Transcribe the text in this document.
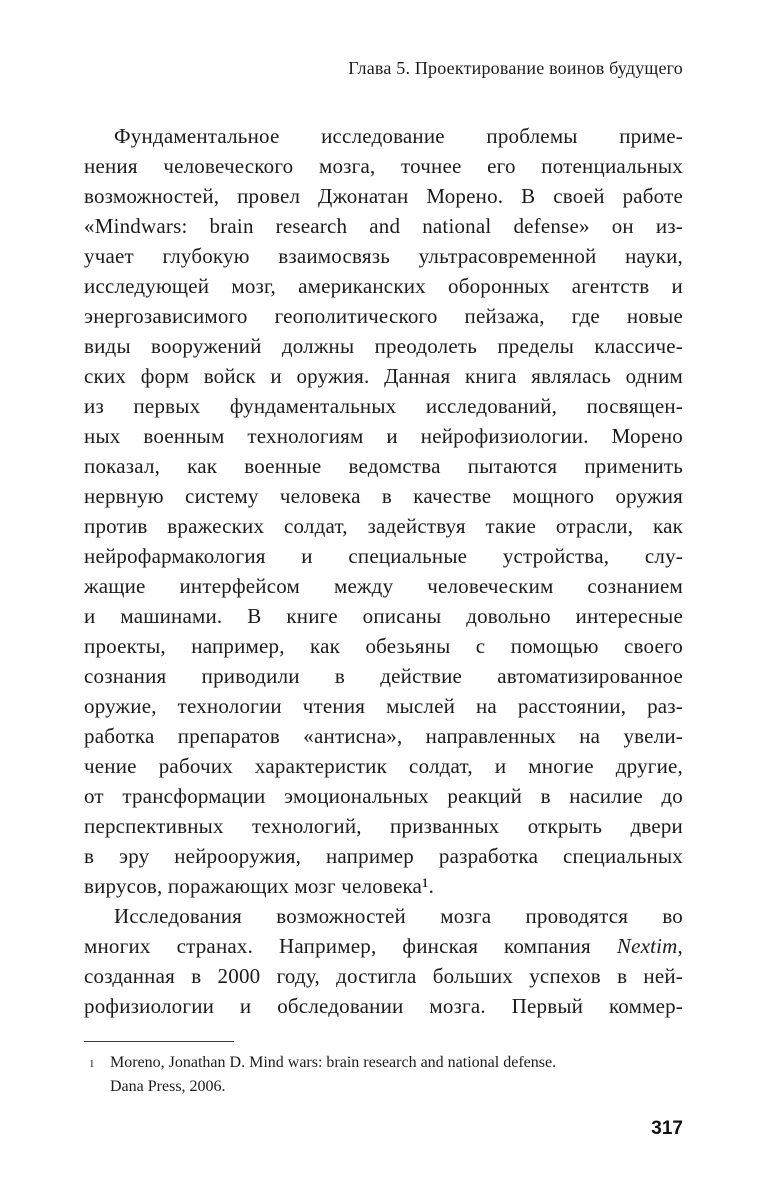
Глава 5. Проектирование воинов будущего
Фундаментальное исследование проблемы приме-
нения человеческого мозга, точнее его потенциальных
возможностей, провел Джонатан Морено. В своей работе
«Mindwars: brain research and national defense» он из-
учает глубокую взаимосвязь ультрасовременной науки,
исследующей мозг, американских оборонных агентств и
энергозависимого геополитического пейзажа, где новые
виды вооружений должны преодолеть пределы классиче-
ских форм войск и оружия. Данная книга являлась одним
из первых фундаментальных исследований, посвящен-
ных военным технологиям и нейрофизиологии. Морено
показал, как военные ведомства пытаются применить
нервную систему человека в качестве мощного оружия
против вражеских солдат, задействуя такие отрасли, как
нейрофармакология и специальные устройства, слу-
жащие интерфейсом между человеческим сознанием
и машинами. В книге описаны довольно интересные
проекты, например, как обезьяны с помощью своего
сознания приводили в действие автоматизированное
оружие, технологии чтения мыслей на расстоянии, раз-
работка препаратов «антисна», направленных на увели-
чение рабочих характеристик солдат, и многие другие,
от трансформации эмоциональных реакций в насилие до
перспективных технологий, призванных открыть двери
в эру нейрооружия, например разработка специальных
вирусов, поражающих мозг человека¹.
Исследования возможностей мозга проводятся во
многих странах. Например, финская компания Nextim,
созданная в 2000 году, достигла больших успехов в ней-
рофизиологии и обследовании мозга. Первый коммер-
1 Moreno, Jonathan D. Mind wars: brain research and national defense.
Dana Press, 2006.
317
